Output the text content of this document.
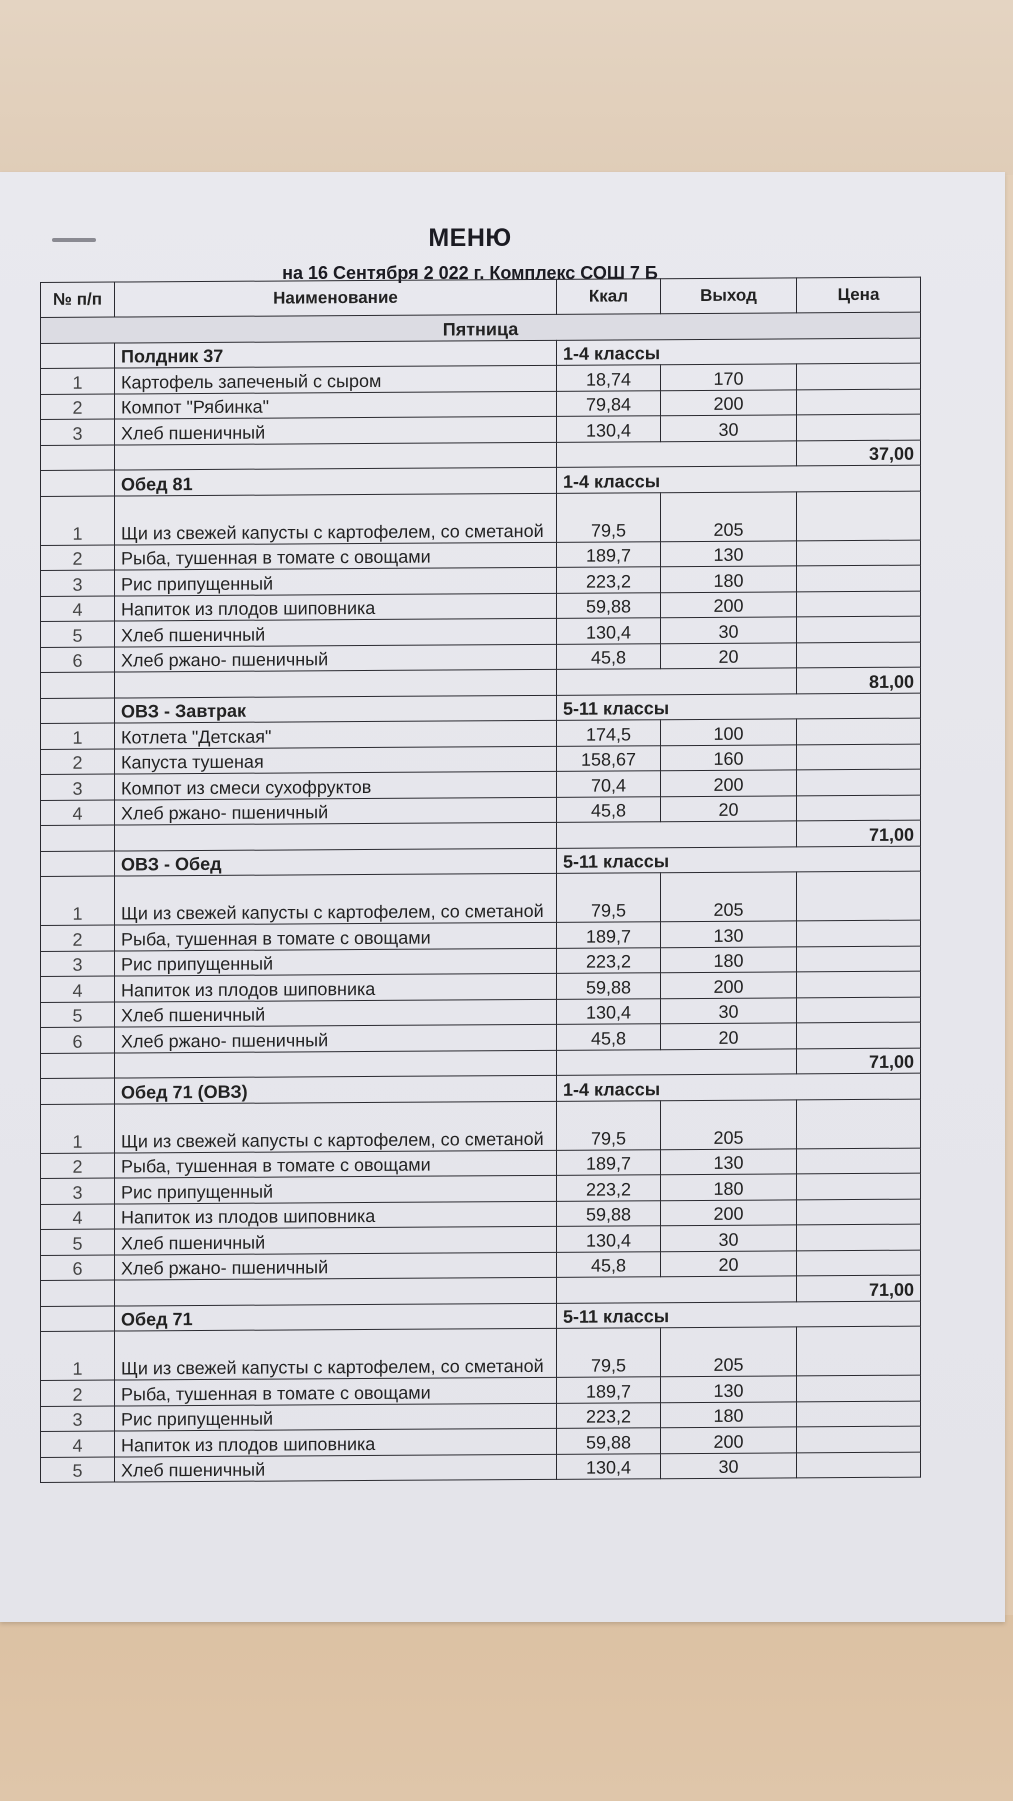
МЕНЮ
на 16 Сентября 2 022 г. Комплекс СОШ 7 Б
№ п/п	Наименование	Ккал	Выход	Цена
Пятница				
	Полдник 37	1-4 классы		
1	Картофель запеченый с сыром	18,74	170	
2	Компот "Рябинка"	79,84	200	
3	Хлеб пшеничный	130,4	30	
				37,00
	Обед 81	1-4 классы		
1	Щи из свежей капусты с картофелем, со сметаной	79,5	205	
2	Рыба, тушенная в томате с овощами	189,7	130	
3	Рис припущенный	223,2	180	
4	Напиток из плодов шиповника	59,88	200	
5	Хлеб пшеничный	130,4	30	
6	Хлеб ржано- пшеничный	45,8	20	
				81,00
	ОВЗ - Завтрак	5-11 классы		
1	Котлета "Детская"	174,5	100	
2	Капуста тушеная	158,67	160	
3	Компот из смеси сухофруктов	70,4	200	
4	Хлеб ржано- пшеничный	45,8	20	
				71,00
	ОВЗ - Обед	5-11 классы		
1	Щи из свежей капусты с картофелем, со сметаной	79,5	205	
2	Рыба, тушенная в томате с овощами	189,7	130	
3	Рис припущенный	223,2	180	
4	Напиток из плодов шиповника	59,88	200	
5	Хлеб пшеничный	130,4	30	
6	Хлеб ржано- пшеничный	45,8	20	
				71,00
	Обед 71 (ОВЗ)	1-4 классы		
1	Щи из свежей капусты с картофелем, со сметаной	79,5	205	
2	Рыба, тушенная в томате с овощами	189,7	130	
3	Рис припущенный	223,2	180	
4	Напиток из плодов шиповника	59,88	200	
5	Хлеб пшеничный	130,4	30	
6	Хлеб ржано- пшеничный	45,8	20	
				71,00
	Обед 71	5-11 классы		
1	Щи из свежей капусты с картофелем, со сметаной	79,5	205	
2	Рыба, тушенная в томате с овощами	189,7	130	
3	Рис припущенный	223,2	180	
4	Напиток из плодов шиповника	59,88	200	
5	Хлеб пшеничный	130,4	30	
